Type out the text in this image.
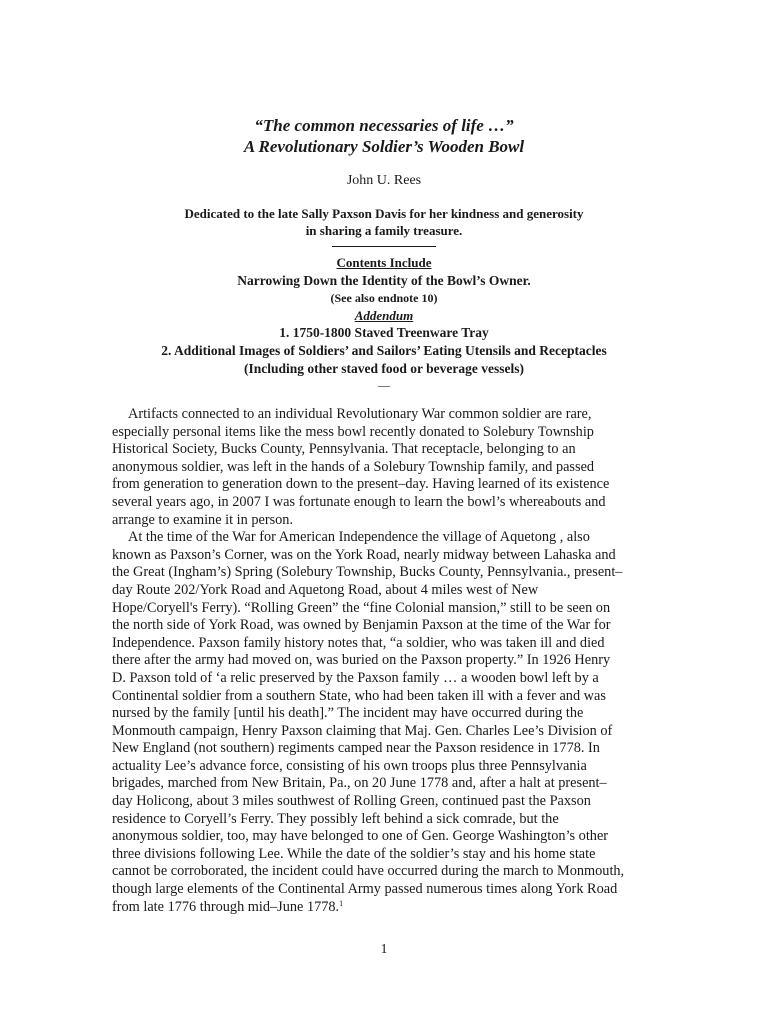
“The common necessaries of life …”
A Revolutionary Soldier’s Wooden Bowl
John U. Rees
Dedicated to the late Sally Paxson Davis for her kindness and generosity
in sharing a family treasure.
Contents Include
Narrowing Down the Identity of the Bowl’s Owner.
(See also endnote 10)
Addendum
1. 1750-1800 Staved Treenware Tray
2. Additional Images of Soldiers’ and Sailors’ Eating Utensils and Receptacles
(Including other staved food or beverage vessels)
—
Artifacts connected to an individual Revolutionary War common soldier are rare,
especially personal items like the mess bowl recently donated to Solebury Township
Historical Society, Bucks County, Pennsylvania. That receptacle, belonging to an
anonymous soldier, was left in the hands of a Solebury Township family, and passed
from generation to generation down to the present–day. Having learned of its existence
several years ago, in 2007 I was fortunate enough to learn the bowl’s whereabouts and
arrange to examine it in person.
At the time of the War for American Independence the village of Aquetong , also
known as Paxson’s Corner, was on the York Road, nearly midway between Lahaska and
the Great (Ingham’s) Spring (Solebury Township, Bucks County, Pennsylvania., present–
day Route 202/York Road and Aquetong Road, about 4 miles west of New
Hope/Coryell's Ferry). “Rolling Green” the “fine Colonial mansion,” still to be seen on
the north side of York Road, was owned by Benjamin Paxson at the time of the War for
Independence. Paxson family history notes that, “a soldier, who was taken ill and died
there after the army had moved on, was buried on the Paxson property.” In 1926 Henry
D. Paxson told of ‘a relic preserved by the Paxson family … a wooden bowl left by a
Continental soldier from a southern State, who had been taken ill with a fever and was
nursed by the family [until his death].” The incident may have occurred during the
Monmouth campaign, Henry Paxson claiming that Maj. Gen. Charles Lee’s Division of
New England (not southern) regiments camped near the Paxson residence in 1778. In
actuality Lee’s advance force, consisting of his own troops plus three Pennsylvania
brigades, marched from New Britain, Pa., on 20 June 1778 and, after a halt at present–
day Holicong, about 3 miles southwest of Rolling Green, continued past the Paxson
residence to Coryell’s Ferry. They possibly left behind a sick comrade, but the
anonymous soldier, too, may have belonged to one of Gen. George Washington’s other
three divisions following Lee. While the date of the soldier’s stay and his home state
cannot be corroborated, the incident could have occurred during the march to Monmouth,
though large elements of the Continental Army passed numerous times along York Road
from late 1776 through mid–June 1778.$^1$
1
